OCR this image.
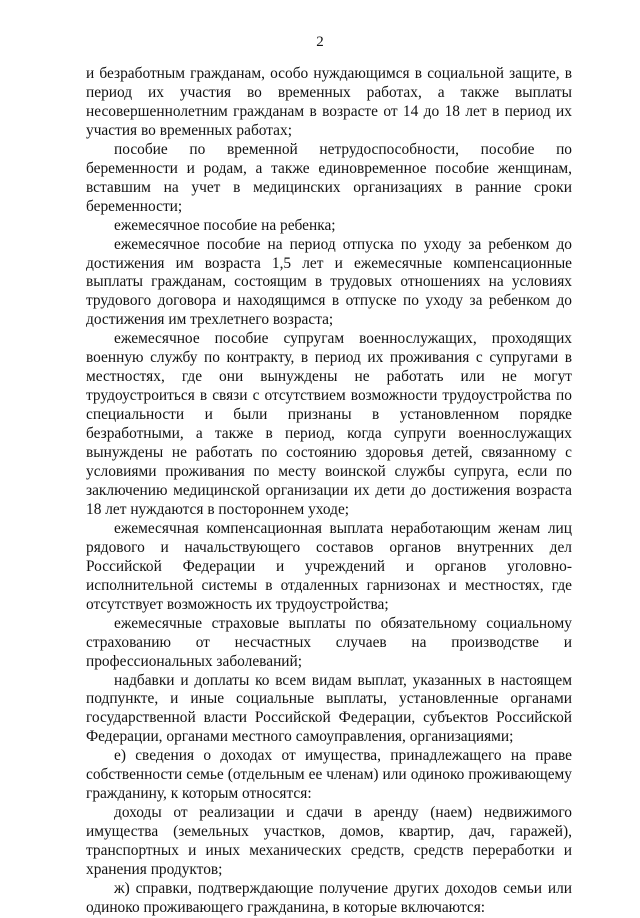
2

и безработным гражданам, особо нуждающимся в социальной защите, в период их участия во временных работах, а также выплаты несовершеннолетним гражданам в возрасте от 14 до 18 лет в период их участия во временных работах;

пособие по временной нетрудоспособности, пособие по беременности и родам, а также единовременное пособие женщинам, вставшим на учет в медицинских организациях в ранние сроки беременности;

ежемесячное пособие на ребенка;

ежемесячное пособие на период отпуска по уходу за ребенком до достижения им возраста 1,5 лет и ежемесячные компенсационные выплаты гражданам, состоящим в трудовых отношениях на условиях трудового договора и находящимся в отпуске по уходу за ребенком до достижения им трехлетнего возраста;

ежемесячное пособие супругам военнослужащих, проходящих военную службу по контракту, в период их проживания с супругами в местностях, где они вынуждены не работать или не могут трудоустроиться в связи с отсутствием возможности трудоустройства по специальности и были признаны в установленном порядке безработными, а также в период, когда супруги военнослужащих вынуждены не работать по состоянию здоровья детей, связанному с условиями проживания по месту воинской службы супруга, если по заключению медицинской организации их дети до достижения возраста 18 лет нуждаются в постороннем уходе;

ежемесячная компенсационная выплата неработающим женам лиц рядового и начальствующего составов органов внутренних дел Российской Федерации и учреждений и органов уголовно-исполнительной системы в отдаленных гарнизонах и местностях, где отсутствует возможность их трудоустройства;

ежемесячные страховые выплаты по обязательному социальному страхованию от несчастных случаев на производстве и профессиональных заболеваний;

надбавки и доплаты ко всем видам выплат, указанных в настоящем подпункте, и иные социальные выплаты, установленные органами государственной власти Российской Федерации, субъектов Российской Федерации, органами местного самоуправления, организациями;

е) сведения о доходах от имущества, принадлежащего на праве собственности семье (отдельным ее членам) или одиноко проживающему гражданину, к которым относятся:

доходы от реализации и сдачи в аренду (наем) недвижимого имущества (земельных участков, домов, квартир, дач, гаражей), транспортных и иных механических средств, средств переработки и хранения продуктов;

ж) справки, подтверждающие получение других доходов семьи или одиноко проживающего гражданина, в которые включаются:
